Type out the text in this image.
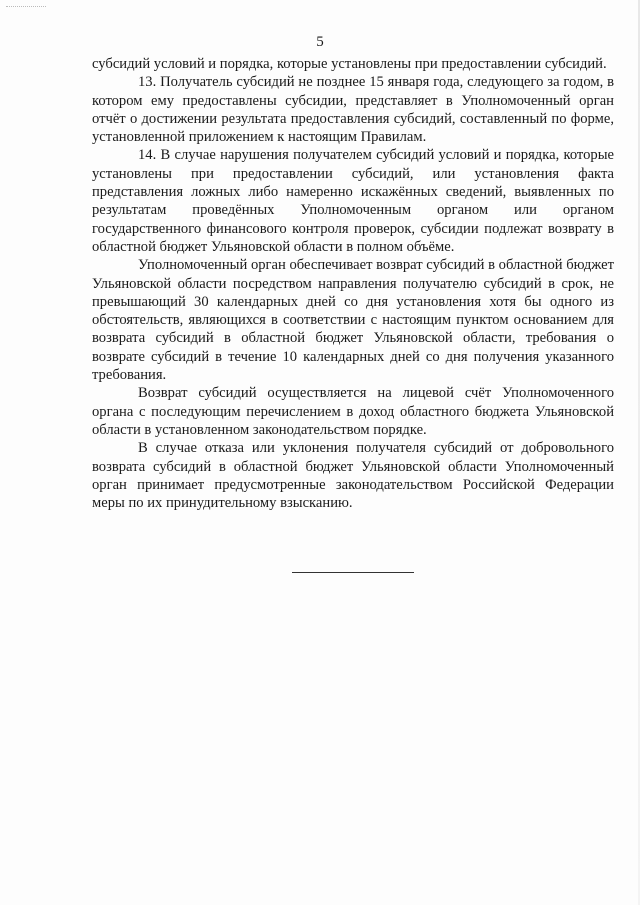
5

субсидий условий и порядка, которые установлены при предоставлении субсидий.

13. Получатель субсидий не позднее 15 января года, следующего за годом, в котором ему предоставлены субсидии, представляет в Уполномоченный орган отчёт о достижении результата предоставления субсидий, составленный по форме, установленной приложением к настоящим Правилам.

14. В случае нарушения получателем субсидий условий и порядка, которые установлены при предоставлении субсидий, или установления факта представления ложных либо намеренно искажённых сведений, выявленных по результатам проведённых Уполномоченным органом или органом государственного финансового контроля проверок, субсидии подлежат возврату в областной бюджет Ульяновской области в полном объёме.

Уполномоченный орган обеспечивает возврат субсидий в областной бюджет Ульяновской области посредством направления получателю субсидий в срок, не превышающий 30 календарных дней со дня установления хотя бы одного из обстоятельств, являющихся в соответствии с настоящим пунктом основанием для возврата субсидий в областной бюджет Ульяновской области, требования о возврате субсидий в течение 10 календарных дней со дня получения указанного требования.

Возврат субсидий осуществляется на лицевой счёт Уполномоченного органа с последующим перечислением в доход областного бюджета Ульяновской области в установленном законодательством порядке.

В случае отказа или уклонения получателя субсидий от добровольного возврата субсидий в областной бюджет Ульяновской области Уполномоченный орган принимает предусмотренные законодательством Российской Федерации меры по их принудительному взысканию.
